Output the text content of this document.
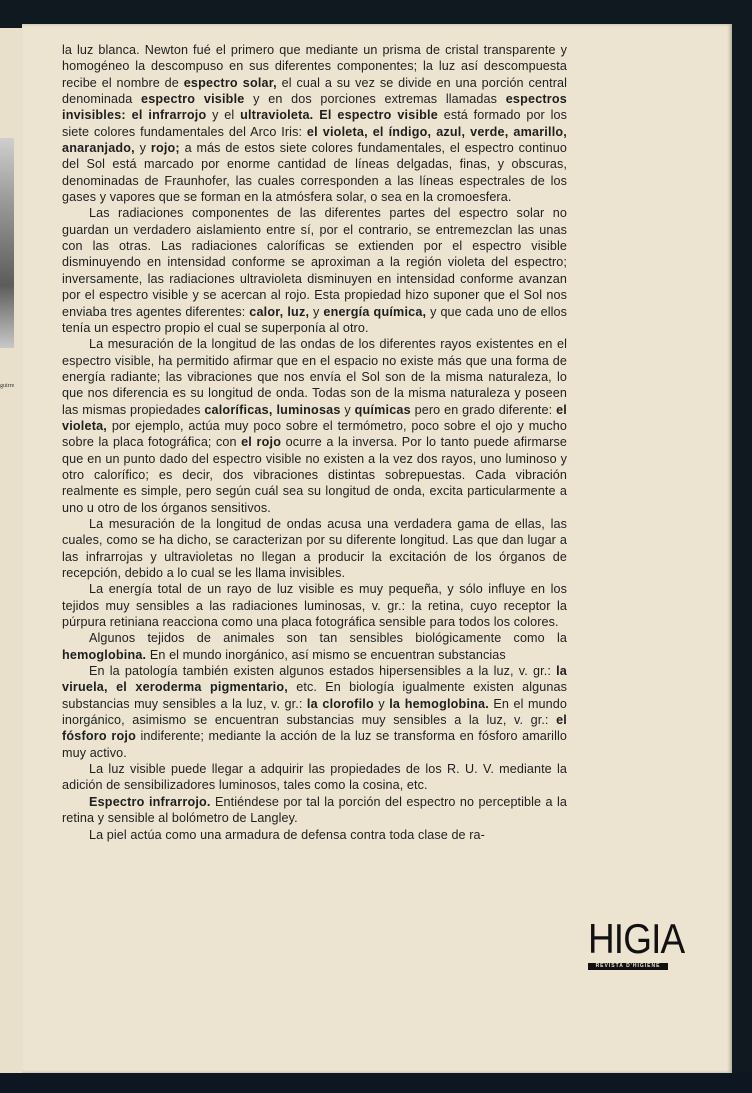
guirre

la luz blanca. Newton fué el primero que mediante un prisma de cristal transparente y homogéneo la descompuso en sus diferentes componentes; la luz así descompuesta recibe el nombre de espectro solar, el cual a su vez se divide en una porción central denominada espectro visible y en dos porciones extremas llamadas espectros invisibles: el infrarrojo y el ultravioleta. El espectro visible está formado por los siete colores fundamentales del Arco Iris: el violeta, el índigo, azul, verde, amarillo, anaranjado, y rojo; a más de estos siete colores fundamentales, el espectro continuo del Sol está marcado por enorme cantidad de líneas delgadas, finas, y obscuras, denominadas de Fraunhofer, las cuales corresponden a las líneas espectrales de los gases y vapores que se forman en la atmósfera solar, o sea en la cromoesfera.

Las radiaciones componentes de las diferentes partes del espectro solar no guardan un verdadero aislamiento entre sí, por el contrario, se entremezclan las unas con las otras. Las radiaciones caloríficas se extienden por el espectro visible disminuyendo en intensidad conforme se aproximan a la región violeta del espectro; inversamente, las radiaciones ultravioleta disminuyen en intensidad conforme avanzan por el espectro visible y se acercan al rojo. Esta propiedad hizo suponer que el Sol nos enviaba tres agentes diferentes: calor, luz, y energía química, y que cada uno de ellos tenía un espectro propio el cual se superponía al otro.

La mesuración de la longitud de las ondas de los diferentes rayos existentes en el espectro visible, ha permitido afirmar que en el espacio no existe más que una forma de energía radiante; las vibraciones que nos envía el Sol son de la misma naturaleza, lo que nos diferencia es su longitud de onda. Todas son de la misma naturaleza y poseen las mismas propiedades caloríficas, luminosas y químicas pero en grado diferente: el violeta, por ejemplo, actúa muy poco sobre el termómetro, poco sobre el ojo y mucho sobre la placa fotográfica; con el rojo ocurre a la inversa. Por lo tanto puede afirmarse que en un punto dado del espectro visible no existen a la vez dos rayos, uno luminoso y otro calorífico; es decir, dos vibraciones distintas sobrepuestas. Cada vibración realmente es simple, pero según cuál sea su longitud de onda, excita particularmente a uno u otro de los órganos sensitivos.

La mesuración de la longitud de ondas acusa una verdadera gama de ellas, las cuales, como se ha dicho, se caracterizan por su diferente longitud. Las que dan lugar a las infrarrojas y ultravioletas no llegan a producir la excitación de los órganos de recepción, debido a lo cual se les llama invisibles.

La energía total de un rayo de luz visible es muy pequeña, y sólo influye en los tejidos muy sensibles a las radiaciones luminosas, v. gr.: la retina, cuyo receptor la púrpura retiniana reacciona como una placa fotográfica sensible para todos los colores.

Algunos tejidos de animales son tan sensibles biológicamente como la hemoglobina. En el mundo inorgánico, así mismo se encuentran substancias

En la patología también existen algunos estados hipersensibles a la luz, v. gr.: la viruela, el xeroderma pigmentario, etc. En biología igualmente existen algunas substancias muy sensibles a la luz, v. gr.: la clorofilo y la hemoglobina. En el mundo inorgánico, asimismo se encuentran substancias muy sensibles a la luz, v. gr.: el fósforo rojo indiferente; mediante la acción de la luz se transforma en fósforo amarillo muy activo.

La luz visible puede llegar a adquirir las propiedades de los R. U. V. mediante la adición de sensibilizadores luminosos, tales como la cosina, etc.

Espectro infrarrojo. Entiéndese por tal la porción del espectro no perceptible a la retina y sensible al bolómetro de Langley.

La piel actúa como una armadura de defensa contra toda clase de ra-

HIGIA
REVISTA D'HIGIENE
